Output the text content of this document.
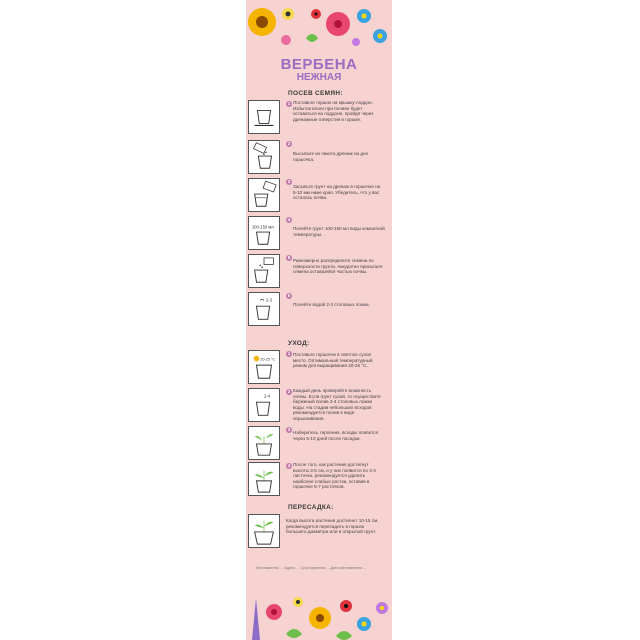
ВЕРБЕНА
НЕЖНАЯ
ПОСЕВ СЕМЯН:
1 Поставьте горшок на крышку-поддон. Избыток влаги при поливе будет оставаться на поддоне, пройдя через дренажные отверстия в горшке.
2
Высыпьте из пакета дренаж на дно горшочка.
3
Засыпьте грунт на дренаж в горшочке на 5-10 мм ниже края. Убедитесь, что у вас осталась почва.
100-150 мл
4
Полейте грунт 100-150 мл воды комнатной температуры.
5
Равномерно распределите семена по поверхности грунта. Аккуратно присыпьте семена оставшейся частью почвы.
2-3
6
Полейте водой 2-3 столовых ложки.
УХОД:
20-25 °C
1 Поставьте горшочек в светлое сухое место. Оптимальный температурный режим для выращивания 20-25 °С.
2-4
2 Каждый день проверяйте влажность почвы. Если грунт сухой, то осуществите бережный полив 2-4 столовых ложки воды. На стадии небольших всходов рекомендуется полив в виде опрыскивания.
3
Наберитесь терпения, всходы появятся через 5-10 дней после посадки.
4 После того, как растения достигнут высоты 3-5 см, и у них появится по 3-4 листочка, рекомендуется удалить наиболее слабые ростки, оставив в горшочке 5-7 росточков.
ПЕРЕСАДКА:
Когда высота растения достигнет 10-15 см, рекомендуется пересадить в горшок большего диаметра или в открытый грунт.
Изготовитель: ... Адрес: ... Срок хранения ... Дата изготовления ...
